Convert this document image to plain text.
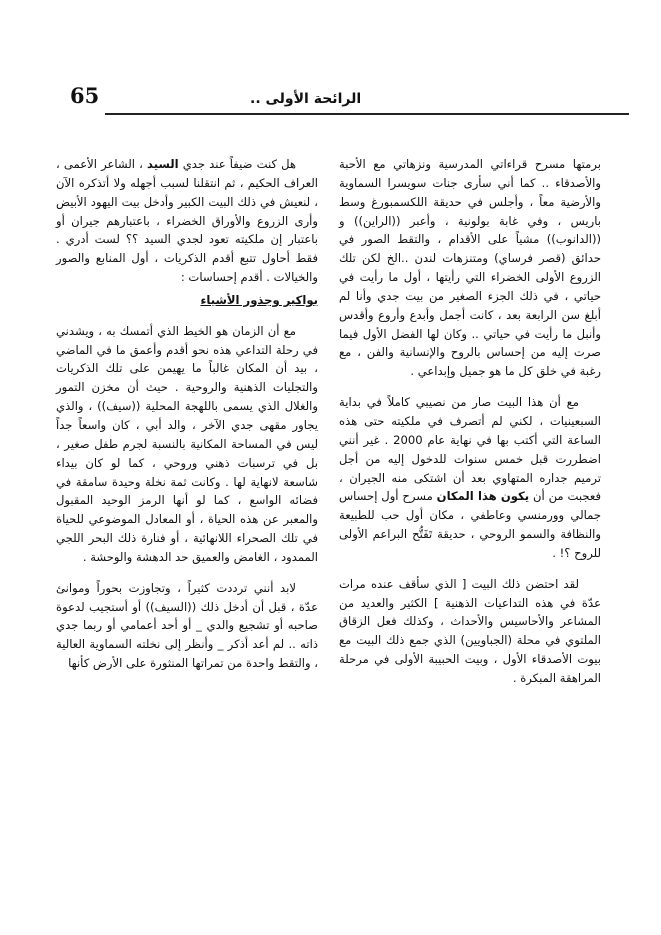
65	الرائحة الأولى ..

برمتها مسرح قراءاتي المدرسية ونزهاتي مع الأحبة والأصدقاء .. كما أني سأرى جنات سويسرا السماوية والأرضية معاً ، وأجلس في حديقة اللكسمبورغ وسط باريس ، وفي غابة بولونية ، وأعبر ((الراين)) و ((الدانوب)) مشياً على الأقدام ، والتقط الصور في حدائق (قصر فرساي) ومتنزهات لندن ..الخ لكن تلك الزروع الأولى الخضراء التي رأيتها ، أول ما رأيت في حياتي ، في ذلك الجزء الصغير من بيت جدي وأنا لم أبلغ سن الرابعة بعد ، كانت أجمل وأبدع وأروع وأقدس وأنبل ما رأيت في حياتي .. وكان لها الفضل الأول فيما صرت إليه من إحساس بالروح والإنسانية والفن ، مع رغبة في خلق كل ما هو جميل وإبداعي .

مع أن هذا البيت صار من نصيبي كاملاً في بداية السبعينيات ، لكني لم أتصرف في ملكيته حتى هذه الساعة التي أكتب بها في نهاية عام 2000 . غير أنني اضطررت قبل خمس سنوات للدخول إليه من أجل ترميم جداره المتهاوي بعد أن اشتكى منه الجيران ، فعجبت من أن يكون هذا المكان مسرح أول إحساس جمالي وورمنسي وعاطفي ، مكان أول حب للطبيعة والنظافة والسمو الروحي ، حديقة تَفَتُّح البراعم الأولى للروح ؟! .

لقد احتضن ذلك البيت [ الذي سأقف عنده مرات عدّة في هذه التداعيات الذهنية ] الكثير والعديد من المشاعر والأحاسيس والأحداث ، وكذلك فعل الزقاق الملتوي في محلة (الجباويين) الذي جمع ذلك البيت مع بيوت الأصدقاء الأول ، وبيت الحبيبة الأولى في مرحلة المراهقة المبكرة .

هل كنت ضيفاً عند جدي السيد ، الشاعر الأعمى ، العراف الحكيم ، ثم انتقلنا لسبب أجهله ولا أتذكره الآن ، لنعيش في ذلك البيت الكبير وأدخل بيت اليهود الأبيض وأرى الزروع والأوراق الخضراء ، باعتبارهم جيران أو باعتبار إن ملكيته تعود لجدي السيد ؟؟ لست أدري . فقط أحاول تتبع أقدم الذكريات ، أول المنابع والصور والخيالات . أقدم إحساسات :

بواكير وجذور الأشياء

مع أن الزمان هو الخيط الذي أتمسك به ، ويشدني في رحلة التداعي هذه نحو أقدم وأعمق ما في الماضي ، بيد أن المكان غالباً ما يهيمن على تلك الذكريات والتجليات الذهنية والروحية . حيث أن مخزن التمور والغلال الذي يسمى باللهجة المحلية ((سيف)) ، والذي يجاور مقهى جدي الآخر ، والد أبي ، كان واسعاً جداً ليس في المساحة المكانية بالنسبة لجرم طفل صغير ، بل في ترسبات ذهني وروحي ، كما لو كان بيداء شاسعة لانهاية لها . وكانت ثمة نخلة وحيدة سامقة في فضائه الواسع ، كما لو أنها الرمز الوحيد المقبول والمعبر عن هذه الحياة ، أو المعادل الموضوعي للحياة في تلك الصحراء اللانهائية ، أو فنارة ذلك البحر اللجي الممدود ، الغامض والعميق حد الدهشة والوحشة .

لابد أنني ترددت كثيراً ، وتجاوزت بحوراً وموانئ عدّة ، قبل أن أدخل ذلك ((السيف)) أو أستجيب لدعوة صاحبه أو تشجيع والدي _ أو أحد أعمامي أو ربما جدي ذاته .. لم أعد أذكر _ وأنظر إلى نخلته السماوية العالية ، والتقط واحدة من تمراتها المنثورة على الأرض كأنها
